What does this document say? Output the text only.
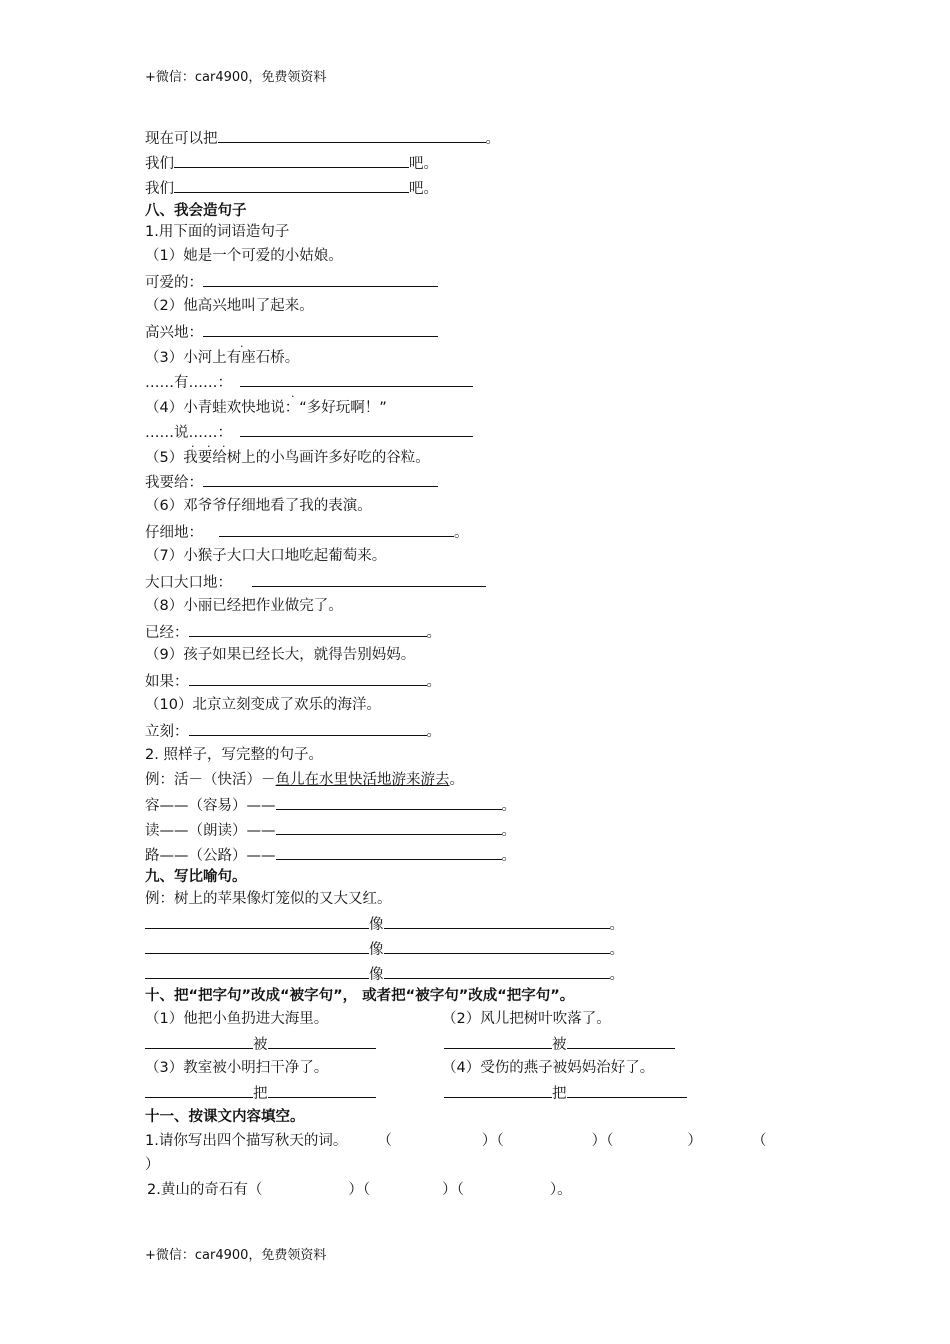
+微信：car4900，免费领资料
现在可以把	。
我们	吧。
我们	吧。
八、我会造句子
1.用下面的词语造句子
（1）她是一个可爱的小姑娘。
可爱的：
（2）他高兴地叫了起来。
高兴地：
·
（3）小河上有座石桥。
……有……：
·
（4）小青蛙欢快地说：“多好玩啊！”
……说……：
· · ·
（5）我要给树上的小鸟画许多好吃的谷粒。
我要给：
（6）邓爷爷仔细地看了我的表演。
仔细地：	。
（7）小猴子大口大口地吃起葡萄来。
大口大口地：
（8）小丽已经把作业做完了。
已经：	。
（9）孩子如果已经长大，就得告别妈妈。
如果：	。
（10）北京立刻变成了欢乐的海洋。
立刻：	。
2. 照样子，写完整的句子。
例：活－（快活）－鱼儿在水里快活地游来游去。
容——（容易）——	。
读——（朗读）——	。
路——（公路）——	。
九、写比喻句。
例：树上的苹果像灯笼似的又大又红。
像	。
像	。
像	。
十、把“把字句”改成“被字句”， 或者把“被字句”改成“把字句”。
（1）他把小鱼扔进大海里。	（2）风儿把树叶吹落了。
被	被
（3）教室被小明扫干净了。	（4）受伤的燕子被妈妈治好了。
把	把
十一、按课文内容填空。
1.请你写出四个描写秋天的词。 （	）（	）（	）	（
）
2.黄山的奇石有（	）（	）（	）。
+微信：car4900，免费领资料
